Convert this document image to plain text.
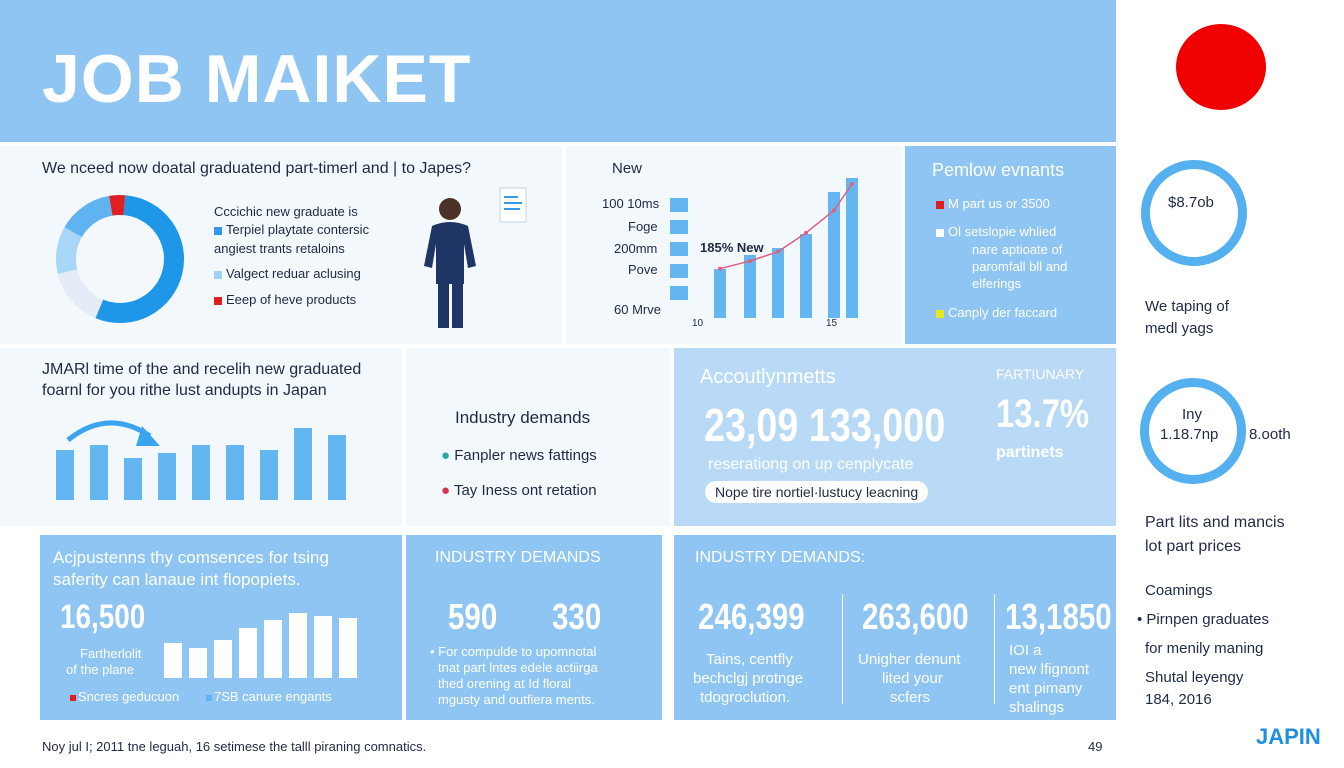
JOB MAIKET
$8.7ob
We taping of
medl yags
Iny
1.18.7np 8.ooth
Part lits and mancis
lot part prices
Coamings
• Pirnpen graduates
for menily maning
Shutal leyengy
184, 2016
JAPIN
We nceed now doatal graduatend part-timerl and | to Japes?
Cccichic new graduate is
Terpiel playtate contersic
angiest trants retaloins
Valgect reduar aclusing
Eeep of heve products
New
100 10ms
Foge
200mm
Pove
60 Mrve
185% New
10	15
Pemlow evnants
M part us or 3500
Ol setslopie whlied
nare aptioate of
paromfall bll and
elferings
Canply der faccard
JMARl time of the and recelih new graduated
foarnl for you rithe lust andupts in Japan
Industry demands
● Fanpler news fattings
● Tay Iness ont retation
Accoutlynmetts
23,09 133,000
reserationg on up cenplycate
Nope tire nortiel·lustucy leacning
FARTIUNARY
13.7%
partinets
Acjpustenns thy comsences for tsing
saferity can lanaue int flopopiets.
16,500
Fartherlolit
of the plane
Sncres geducuon	7SB canure engants
INDUSTRY DEMANDS
590 330
• For compulde to upomnotal
tnat part lntes edele actiirga
thed orening at Id floral
mgusty and outfiera ments.
INDUSTRY DEMANDS:
246,399
Tains, centfly
bechclgj protnge
tdogroclution.
263,600
Unigher denunt
lited your
scfers
13,1850
IOI a
new lfignont
ent pimany
shalings
Noy jul I; 2011 tne leguah, 16 setimese the talll piraning comnatics.	49
